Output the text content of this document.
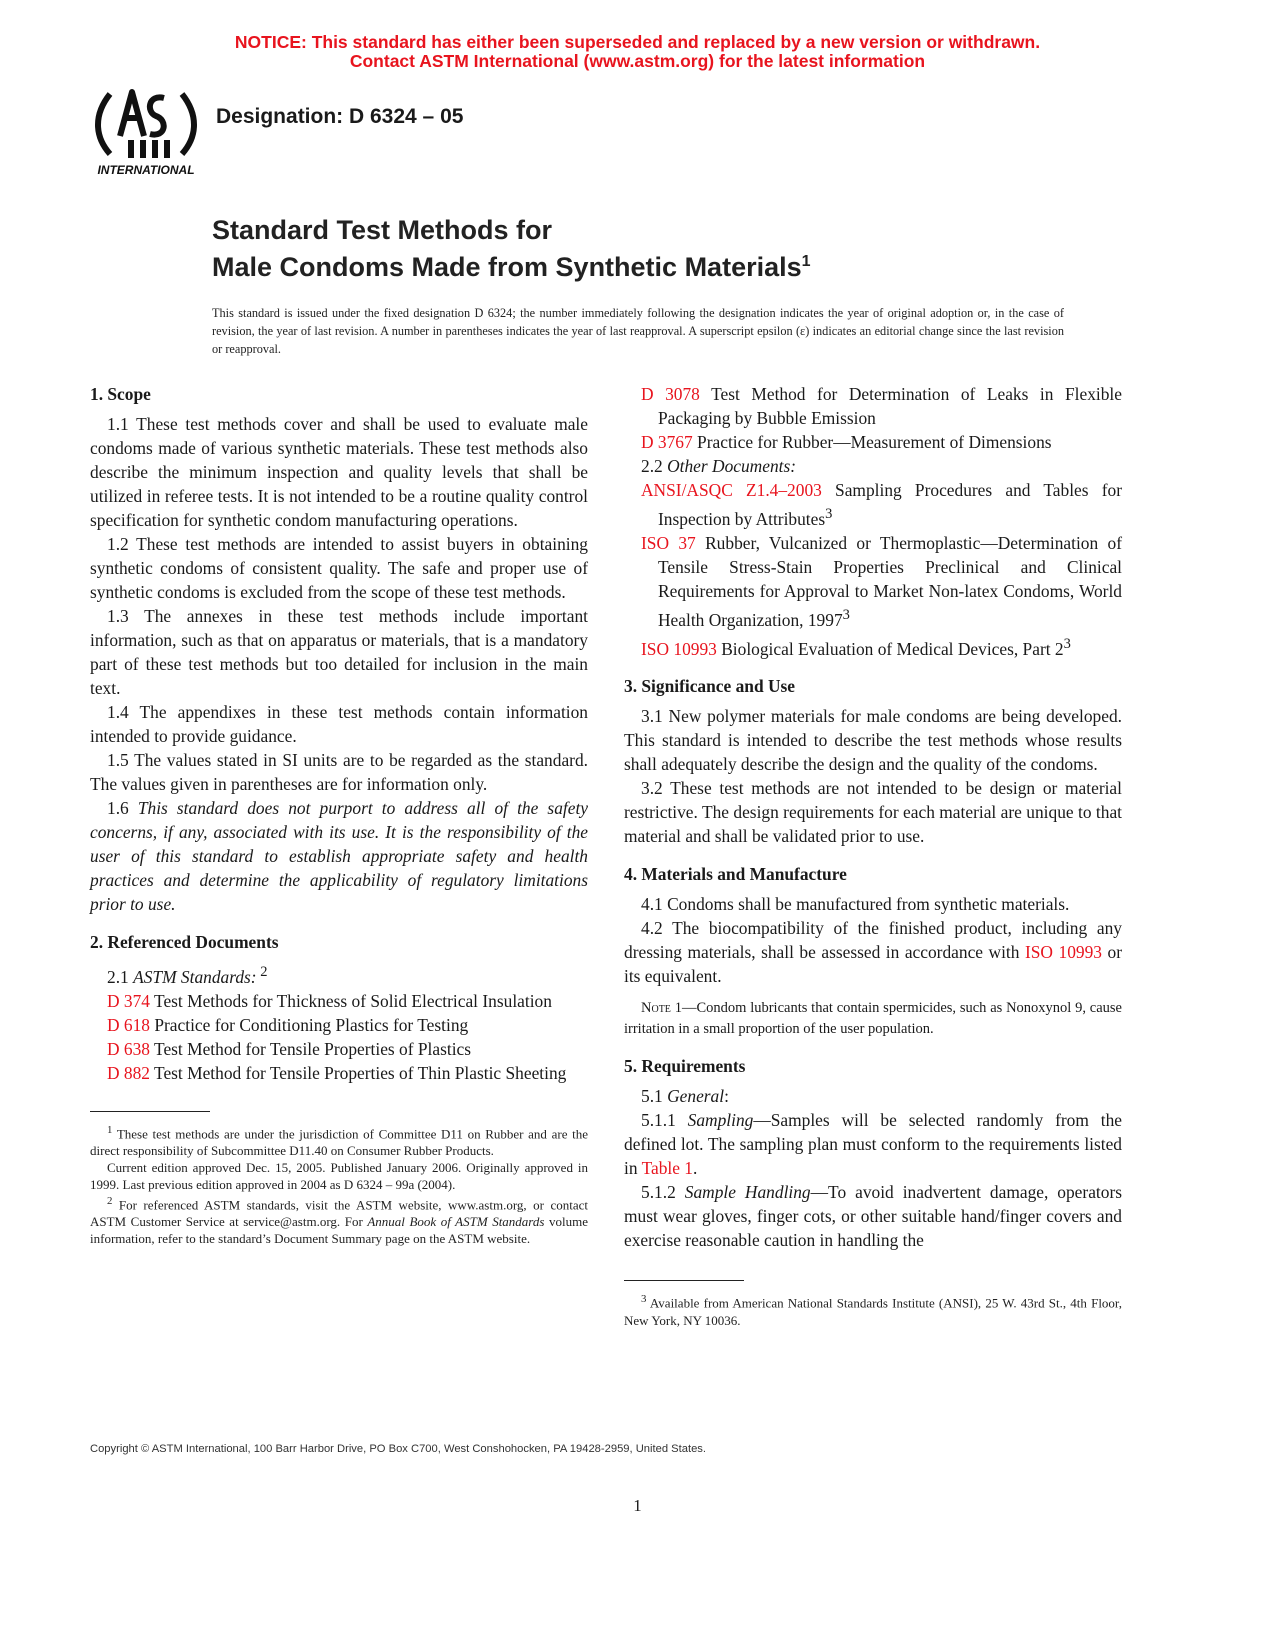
NOTICE: This standard has either been superseded and replaced by a new version or withdrawn.
Contact ASTM International (www.astm.org) for the latest information
INTERNATIONAL
Designation: D 6324 – 05
Standard Test Methods for
Male Condoms Made from Synthetic Materials$^1$
This standard is issued under the fixed designation D 6324; the number immediately following the designation indicates the year of original adoption or, in the case of revision, the year of last revision. A number in parentheses indicates the year of last reapproval. A superscript epsilon (ε) indicates an editorial change since the last revision or reapproval.

1. Scope

1.1 These test methods cover and shall be used to evaluate male condoms made of various synthetic materials. These test methods also describe the minimum inspection and quality levels that shall be utilized in referee tests. It is not intended to be a routine quality control specification for synthetic condom manufacturing operations.

1.2 These test methods are intended to assist buyers in obtaining synthetic condoms of consistent quality. The safe and proper use of synthetic condoms is excluded from the scope of these test methods.

1.3 The annexes in these test methods include important information, such as that on apparatus or materials, that is a mandatory part of these test methods but too detailed for inclusion in the main text.

1.4 The appendixes in these test methods contain information intended to provide guidance.

1.5 The values stated in SI units are to be regarded as the standard. The values given in parentheses are for information only.

1.6 This standard does not purport to address all of the safety concerns, if any, associated with its use. It is the responsibility of the user of this standard to establish appropriate safety and health practices and determine the applicability of regulatory limitations prior to use.

2. Referenced Documents

2.1 ASTM Standards: $^2$

D 374 Test Methods for Thickness of Solid Electrical Insulation

D 618 Practice for Conditioning Plastics for Testing

D 638 Test Method for Tensile Properties of Plastics

D 882 Test Method for Tensile Properties of Thin Plastic Sheeting

$^1$ These test methods are under the jurisdiction of Committee D11 on Rubber and are the direct responsibility of Subcommittee D11.40 on Consumer Rubber Products.

Current edition approved Dec. 15, 2005. Published January 2006. Originally approved in 1999. Last previous edition approved in 2004 as D 6324 – 99a (2004).

$^2$ For referenced ASTM standards, visit the ASTM website, www.astm.org, or contact ASTM Customer Service at service@astm.org. For Annual Book of ASTM Standards volume information, refer to the standard’s Document Summary page on the ASTM website.

D 3078 Test Method for Determination of Leaks in Flexible Packaging by Bubble Emission

D 3767 Practice for Rubber—Measurement of Dimensions

2.2 Other Documents:

ANSI/ASQC Z1.4–2003 Sampling Procedures and Tables for Inspection by Attributes$^3$

ISO 37 Rubber, Vulcanized or Thermoplastic—Determination of Tensile Stress-Stain Properties Preclinical and Clinical Requirements for Approval to Market Non-latex Condoms, World Health Organization, 1997$^3$

ISO 10993 Biological Evaluation of Medical Devices, Part $2^3$

3. Significance and Use

3.1 New polymer materials for male condoms are being developed. This standard is intended to describe the test methods whose results shall adequately describe the design and the quality of the condoms.

3.2 These test methods are not intended to be design or material restrictive. The design requirements for each material are unique to that material and shall be validated prior to use.

4. Materials and Manufacture

4.1 Condoms shall be manufactured from synthetic materials.

4.2 The biocompatibility of the finished product, including any dressing materials, shall be assessed in accordance with ISO 10993 or its equivalent.

Note 1—Condom lubricants that contain spermicides, such as Nonoxynol 9, cause irritation in a small proportion of the user population.

5. Requirements

5.1 General:

5.1.1 Sampling—Samples will be selected randomly from the defined lot. The sampling plan must conform to the requirements listed in Table 1.

5.1.2 Sample Handling—To avoid inadvertent damage, operators must wear gloves, finger cots, or other suitable hand/finger covers and exercise reasonable caution in handling the

$^3$ Available from American National Standards Institute (ANSI), 25 W. 43rd St., 4th Floor, New York, NY 10036.

Copyright © ASTM International, 100 Barr Harbor Drive, PO Box C700, West Conshohocken, PA 19428-2959, United States.
1
